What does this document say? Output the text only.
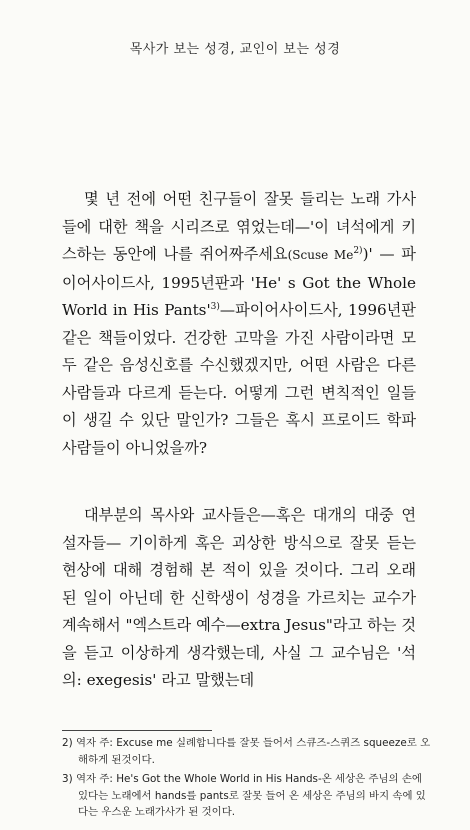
목사가 보는 성경, 교인이 보는 성경

몇 년 전에 어떤 친구들이 잘못 들리는 노래 가사들에 대한 책을 시리즈로 엮었는데—'이 녀석에게 키스하는 동안에 나를 쥐어짜주세요(Scuse Me$^{2)}$)' — 파이어사이드사, 1995년판과 'He' s Got the Whole World in His $Pants'^{3)}—$파이어사이드사, 1996년판 같은 책들이었다. 건강한 고막을 가진 사람이라면 모두 같은 음성신호를 수신했겠지만, 어떤 사람은 다른 사람들과 다르게 듣는다. 어떻게 그런 변칙적인 일들이 생길 수 있단 말인가? 그들은 혹시 프로이드 학파 사람들이 아니었을까?

대부분의 목사와 교사들은—혹은 대개의 대중 연설자들— 기이하게 혹은 괴상한 방식으로 잘못 듣는 현상에 대해 경험해 본 적이 있을 것이다. 그리 오래 된 일이 아닌데 한 신학생이 성경을 가르치는 교수가 계속해서 "엑스트라 예수—extra Jesus"라고 하는 것을 듣고 이상하게 생각했는데, 사실 그 교수님은 '석의: exegesis' 라고 말했는데

2) 역자 주: Excuse me 실례합니다를 잘못 들어서 스큐즈-스퀴즈 squeeze로 오해하게 된것이다.

3) 역자 주: He's Got the Whole World in His Hands-온 세상은 주님의 손에 있다는 노래에서 hands를 pants로 잘못 들어 온 세상은 주님의 바지 속에 있다는 우스운 노래가사가 된 것이다.
